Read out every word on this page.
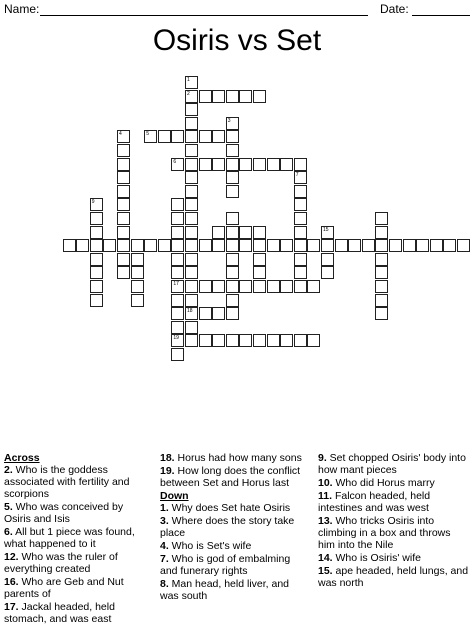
Name:	Date:
Osiris vs Set
1
2
18
3
5
4
6
7
9
17
19
15
Across
2. Who is the goddess associated with fertility and scorpions
5. Who was conceived by Osiris and Isis
6. All but 1 piece was found, what happened to it
12. Who was the ruler of everything created
16. Who are Geb and Nut parents of
17. Jackal headed, held stomach, and was east
18. Horus had how many sons
19. How long does the conflict between Set and Horus last
Down
1. Why does Set hate Osiris
3. Where does the story take place
4. Who is Set's wife
7. Who is god of embalming and funerary rights
8. Man head, held liver, and was south
9. Set chopped Osiris' body into how mant pieces
10. Who did Horus marry
11. Falcon headed, held intestines and was west
13. Who tricks Osiris into climbing in a box and throws him into the Nile
14. Who is Osiris' wife
15. ape headed, held lungs, and was north
